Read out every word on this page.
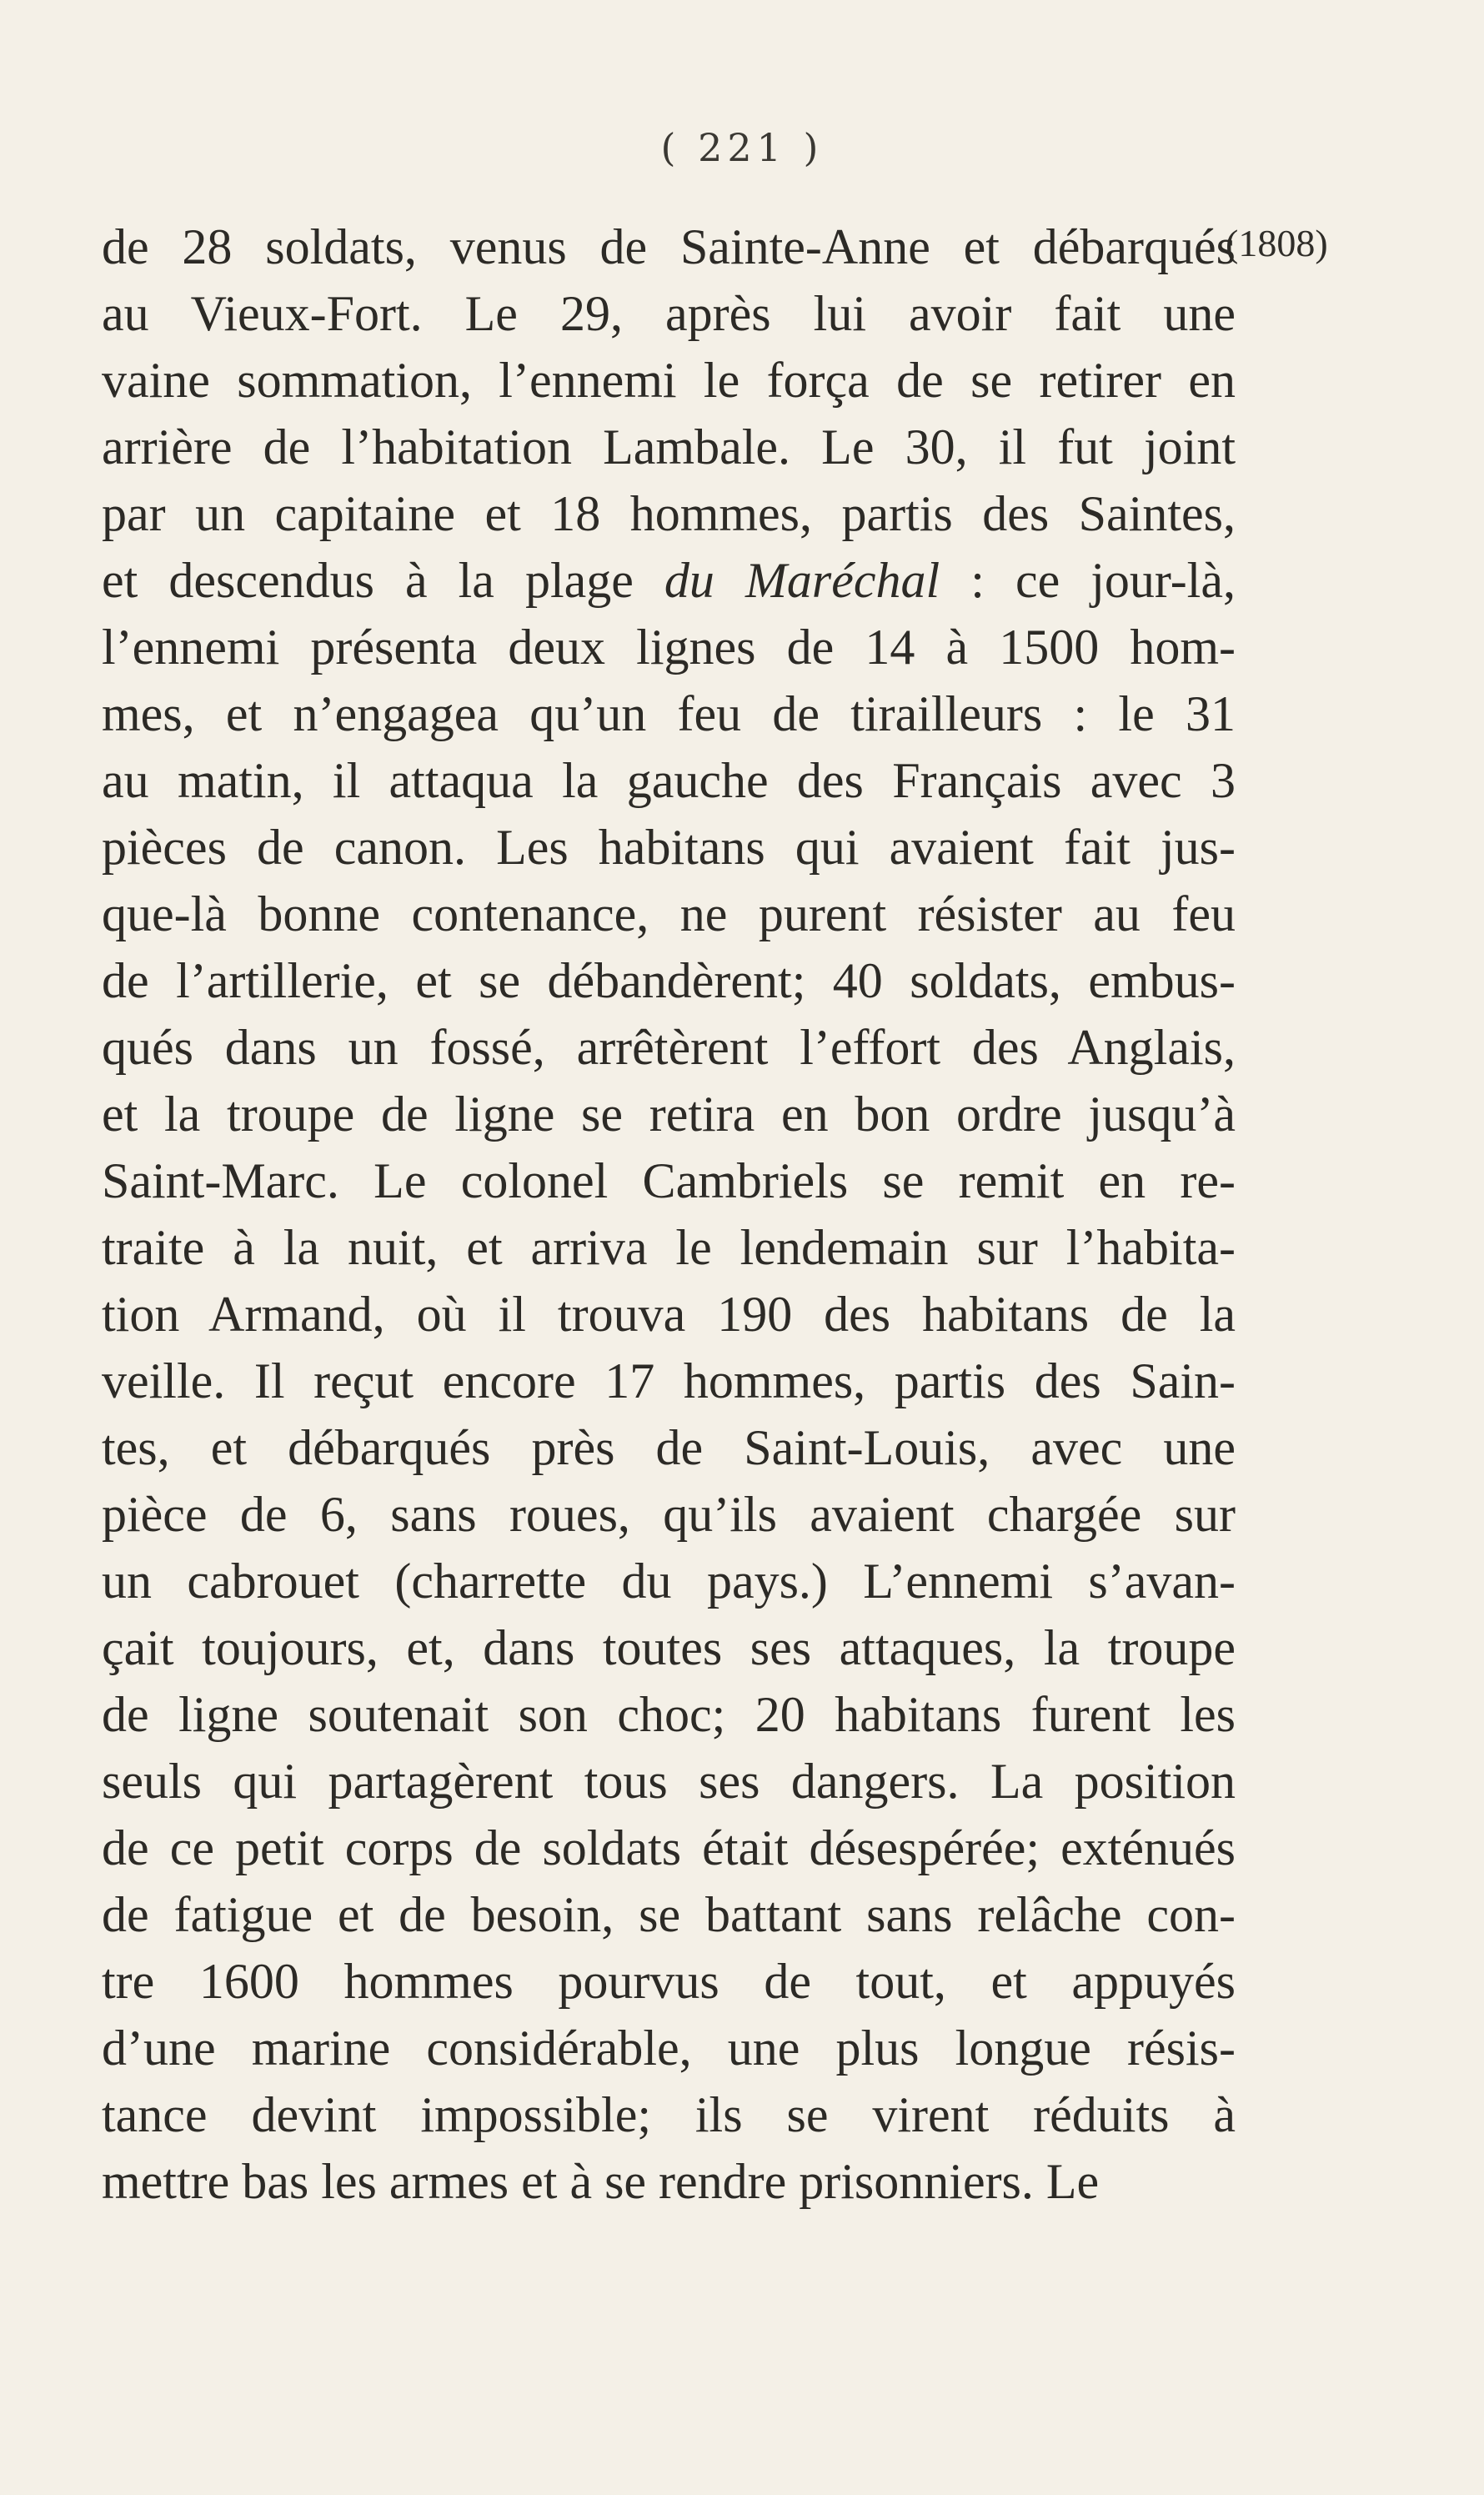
( 221 )
(1808)
de 28 soldats, venus de Sainte-Anne et débarqués
au Vieux-Fort. Le 29, après lui avoir fait une
vaine sommation, l’ennemi le força de se retirer en
arrière de l’habitation Lambale. Le 30, il fut joint
par un capitaine et 18 hommes, partis des Saintes,
et descendus à la plage du Maréchal : ce jour-là,
l’ennemi présenta deux lignes de 14 à 1500 hom-
mes, et n’engagea qu’un feu de tirailleurs : le 31
au matin, il attaqua la gauche des Français avec 3
pièces de canon. Les habitans qui avaient fait jus-
que-là bonne contenance, ne purent résister au feu
de l’artillerie, et se débandèrent; 40 soldats, embus-
qués dans un fossé, arrêtèrent l’effort des Anglais,
et la troupe de ligne se retira en bon ordre jusqu’à
Saint-Marc. Le colonel Cambriels se remit en re-
traite à la nuit, et arriva le lendemain sur l’habita-
tion Armand, où il trouva 190 des habitans de la
veille. Il reçut encore 17 hommes, partis des Sain-
tes, et débarqués près de Saint-Louis, avec une
pièce de 6, sans roues, qu’ils avaient chargée sur
un cabrouet (charrette du pays.) L’ennemi s’avan-
çait toujours, et, dans toutes ses attaques, la troupe
de ligne soutenait son choc; 20 habitans furent les
seuls qui partagèrent tous ses dangers. La position
de ce petit corps de soldats était désespérée; exténués
de fatigue et de besoin, se battant sans relâche con-
tre 1600 hommes pourvus de tout, et appuyés
d’une marine considérable, une plus longue résis-
tance devint impossible; ils se virent réduits à
mettre bas les armes et à se rendre prisonniers. Le
